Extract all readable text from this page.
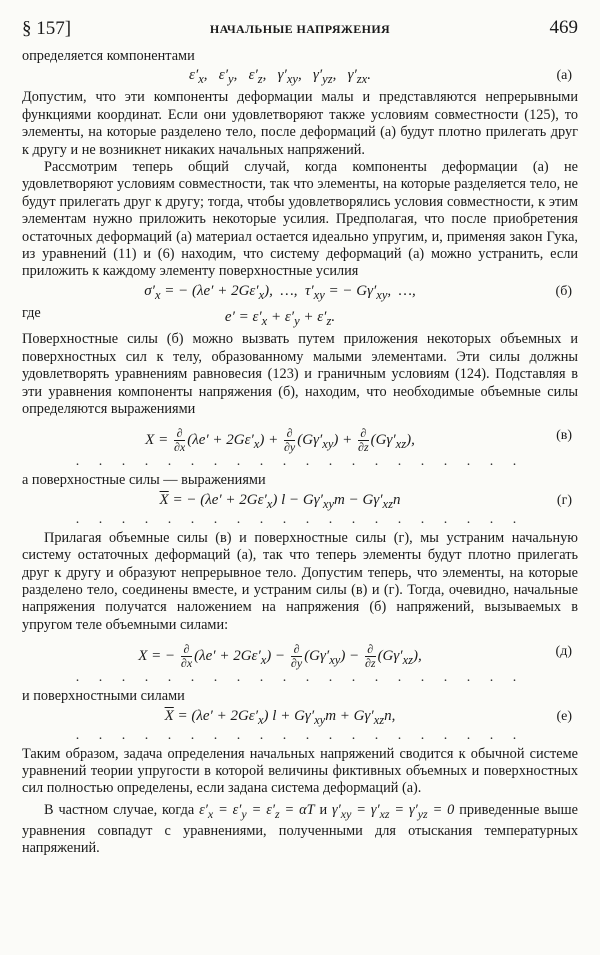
§ 157]	НАЧАЛЬНЫЕ НАПРЯЖЕНИЯ	469

определяется компонентами

$\varepsilon'_x$,   $\varepsilon'_y$,   $\varepsilon'_z$,   $\gamma'_{xy}$,   $\gamma'_{yz}$,   $\gamma'_{zx}$.	(a)

Допустим, что эти компоненты деформации малы и представляются непрерывными функциями координат. Если они удовлетворяют также условиям совместности (125), то элементы, на которые разделено тело, после деформаций (а) будут плотно прилегать друг к другу и не возникнет никаких начальных напряжений.

Рассмотрим теперь общий случай, когда компоненты деформации (а) не удовлетворяют условиям совместности, так что элементы, на которые разделяется тело, не будут прилегать друг к другу; тогда, чтобы удовлетворялись условия совместности, к этим элементам нужно приложить некоторые усилия. Предполагая, что после приобретения остаточных деформаций (а) материал остается идеально упругим, и, применяя закон Гука, из уравнений (11) и (6) находим, что систему деформаций (а) можно устранить, если приложить к каждому элементу поверхностные усилия

$\sigma'_x$ = − $(\lambda e' + 2G\varepsilon'_x)$,  …,  $\tau'_{xy}$ = − $G\gamma'_{xy}$,  …,	(б)

где	$e' = \varepsilon'_x + \varepsilon'_y + \varepsilon'_z$.

Поверхностные силы (б) можно вызвать путем приложения некоторых объемных и поверхностных сил к телу, образованному малыми элементами. Эти силы должны удовлетворять уравнениям равновесия (123) и граничным условиям (124). Подставляя в эти уравнения компоненты напряжения (б), находим, что необходимые объемные силы определяются выражениями

X = ∂
∂x $(\lambda e' + 2G\varepsilon'_x)$ + ∂
∂y $(G\gamma'_{xy})$ + ∂
∂z $(G\gamma'_{xz})$,	(в)
. . . . . . . . . . . . . . . . . . . .

а поверхностные силы — выражениями

$\overline{X}$ = − $(\lambda e' + 2G\varepsilon'_x)$ $l - G\gamma'_{xy}m - G\gamma'_{xz}n$	(г)
. . . . . . . . . . . . . . . . . . . .

Прилагая объемные силы (в) и поверхностные силы (г), мы устраним начальную систему остаточных деформаций (а), так что теперь элементы будут плотно прилегать друг к другу и образуют непрерывное тело. Допустим теперь, что элементы, на которые разделено тело, соединены вместе, и устраним силы (в) и (г). Тогда, очевидно, начальные напряжения получатся наложением на напряжения (б) напряжений, вызываемых в упругом теле объемными силами:

X = − ∂
∂x $(\lambda e' + 2G\varepsilon'_x)$ − ∂
∂y $(G\gamma'_{xy})$ − ∂
∂z $(G\gamma'_{xz})$,	(д)
. . . . . . . . . . . . . . . . . . . .

и поверхностными силами

$\overline{X} = (\lambda e' + 2G\varepsilon'_x) l + G\gamma'_{xy}m + G\gamma'_{xz}n$,	(е)
. . . . . . . . . . . . . . . . . . . .

Таким образом, задача определения начальных напряжений сводится к обычной системе уравнений теории упругости в которой величины фиктивных объемных и поверхностных сил полностью определены, если задана система деформаций (а).

В частном случае, когда $\varepsilon'_x = \varepsilon'_y = \varepsilon'_z = \alpha T$ и $\gamma'_{xy} = \gamma'_{xz} = \gamma'_{yz} = 0$ приведенные выше уравнения совпадут с уравнениями, полученными для отыскания температурных напряжений.
